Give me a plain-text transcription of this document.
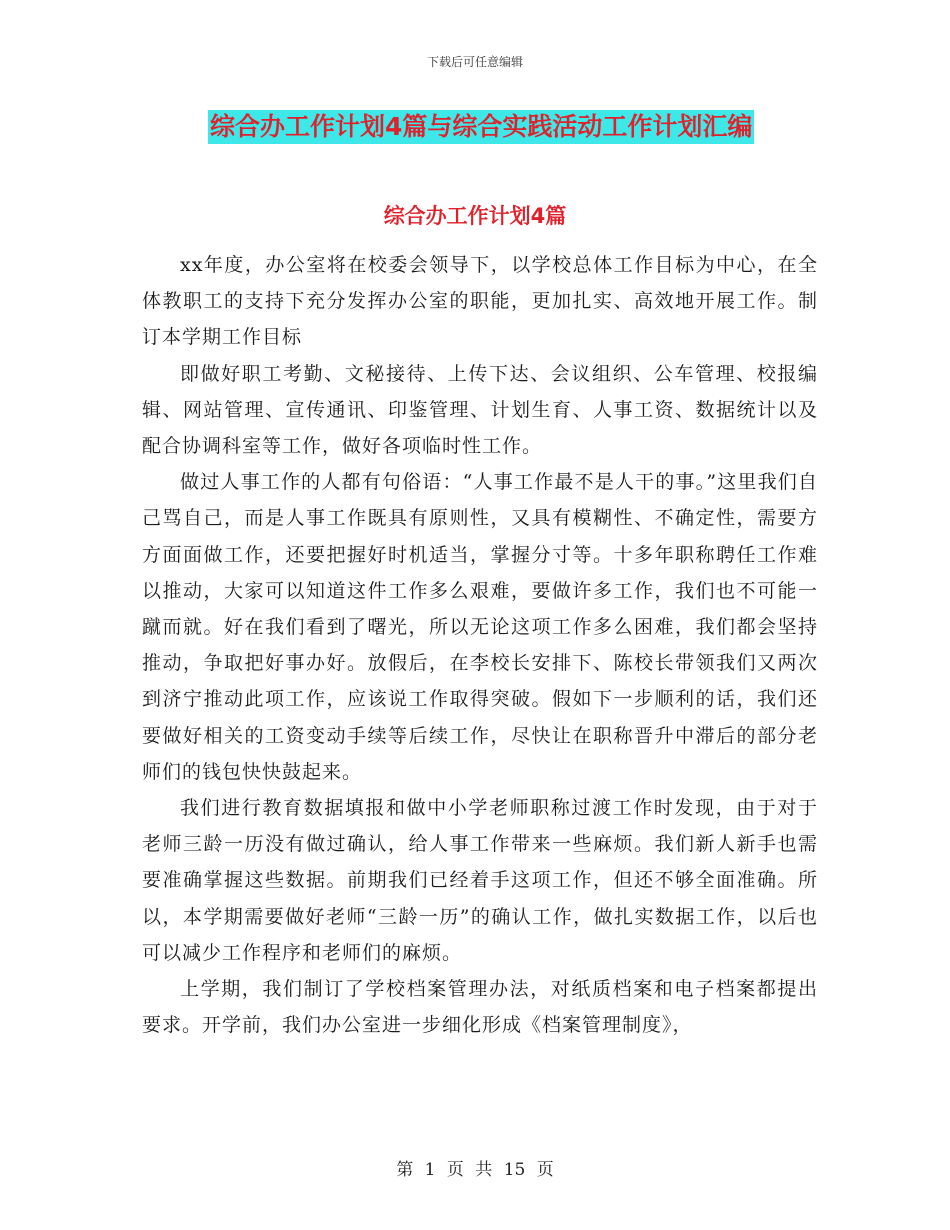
下载后可任意编辑
综合办工作计划4篇与综合实践活动工作计划汇编
综合办工作计划4篇

xx年度，办公室将在校委会领导下，以学校总体工作目标为中心，在全体教职工的支持下充分发挥办公室的职能，更加扎实、高效地开展工作。制订本学期工作目标

即做好职工考勤、文秘接待、上传下达、会议组织、公车管理、校报编辑、网站管理、宣传通讯、印鉴管理、计划生育、人事工资、数据统计以及配合协调科室等工作，做好各项临时性工作。

做过人事工作的人都有句俗语：“人事工作最不是人干的事。”这里我们自己骂自己，而是人事工作既具有原则性，又具有模糊性、不确定性，需要方方面面做工作，还要把握好时机适当，掌握分寸等。十多年职称聘任工作难以推动，大家可以知道这件工作多么艰难，要做许多工作，我们也不可能一蹴而就。好在我们看到了曙光，所以无论这项工作多么困难，我们都会坚持推动，争取把好事办好。放假后，在李校长安排下、陈校长带领我们又两次到济宁推动此项工作，应该说工作取得突破。假如下一步顺利的话，我们还要做好相关的工资变动手续等后续工作，尽快让在职称晋升中滞后的部分老师们的钱包快快鼓起来。

我们进行教育数据填报和做中小学老师职称过渡工作时发现，由于对于老师三龄一历没有做过确认，给人事工作带来一些麻烦。我们新人新手也需要准确掌握这些数据。前期我们已经着手这项工作，但还不够全面准确。所以，本学期需要做好老师“三龄一历”的确认工作，做扎实数据工作，以后也可以减少工作程序和老师们的麻烦。

上学期，我们制订了学校档案管理办法，对纸质档案和电子档案都提出要求。开学前，我们办公室进一步细化形成《档案管理制度》，

第 1 页 共 15 页
